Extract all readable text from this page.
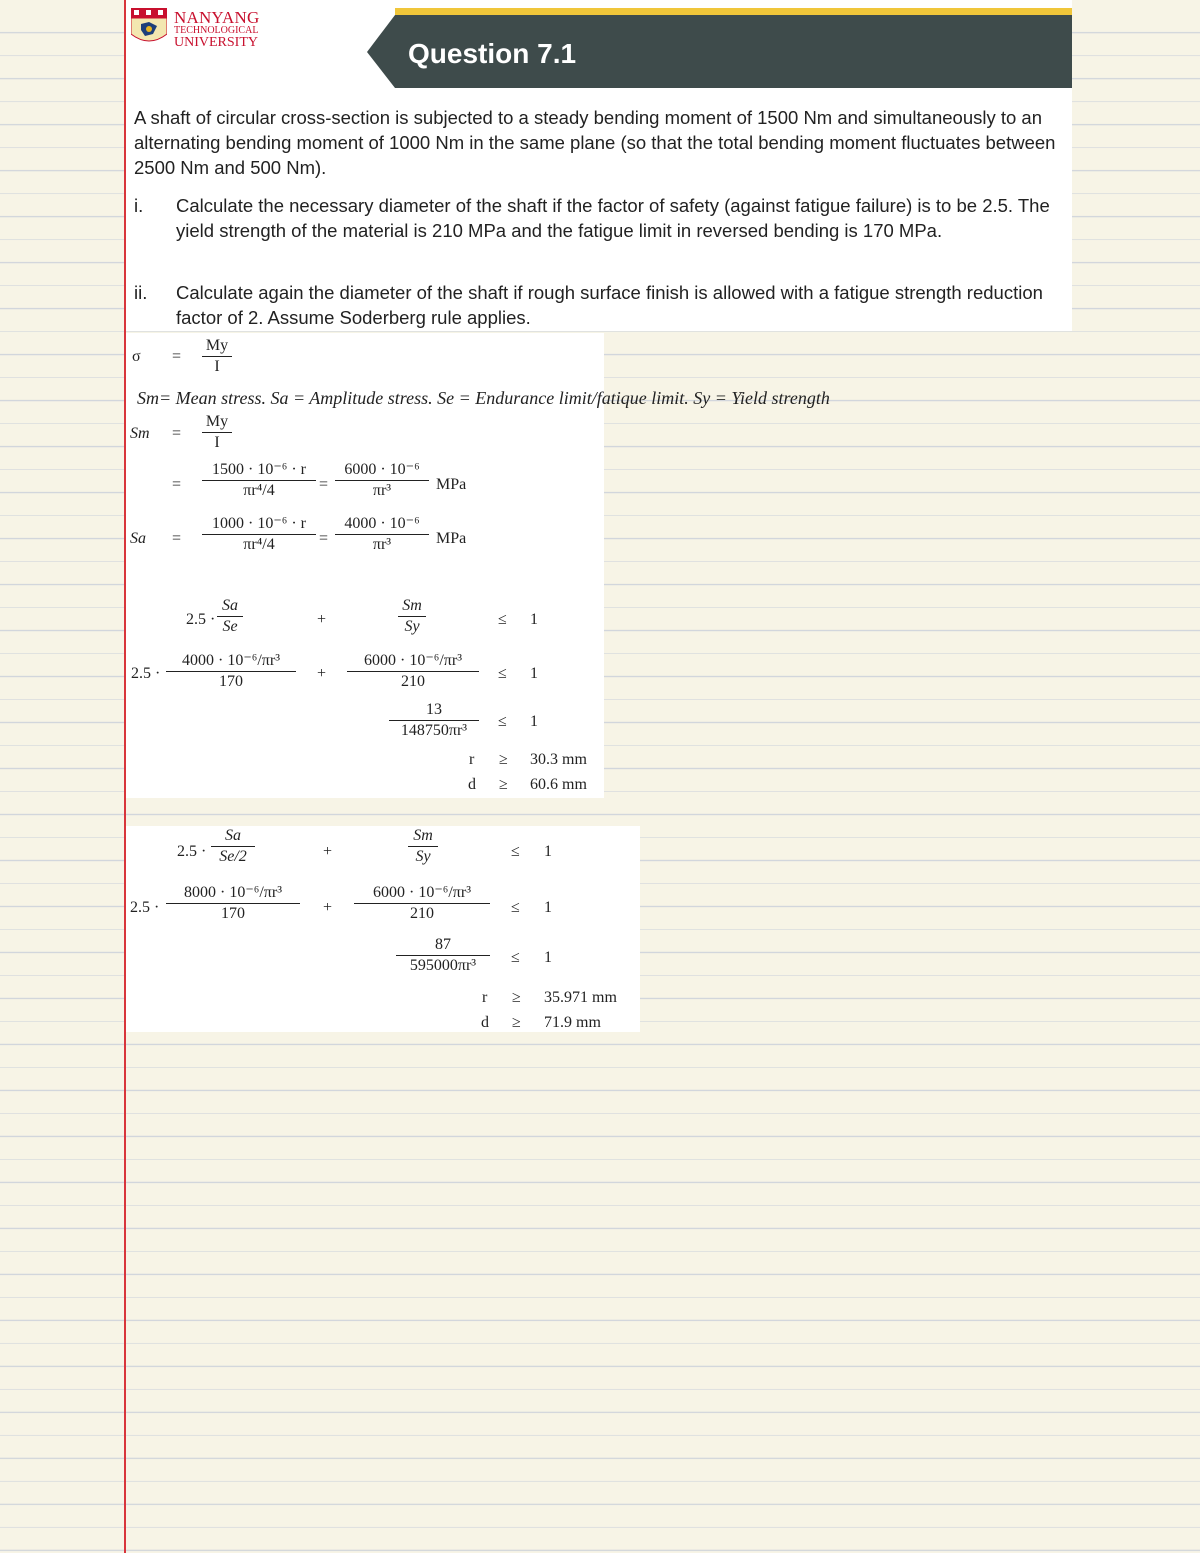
NANYANG
TECHNOLOGICAL
UNIVERSITY	Question 7.1
A shaft of circular cross-section is subjected to a steady bending moment of 1500 Nm and simultaneously to an alternating bending moment of 1000 Nm in the same plane (so that the total bending moment fluctuates between 2500 Nm and 500 Nm).
i. Calculate the necessary diameter of the shaft if the factor of safety (against fatigue failure) is to be 2.5. The yield strength of the material is 210 MPa and the fatigue limit in reversed bending is 170 MPa.
ii. Calculate again the diameter of the shaft if rough surface finish is allowed with a fatigue strength reduction factor of 2. Assume Soderberg rule applies.
$\sigma = \frac{My}{I}$
Sm= Mean stress. Sa = Amplitude stress. Se = Endurance limit/fatique limit. Sy = Yield strength
$Sm = \frac{My}{I}$
= $\frac{\text{1500 · 10⁻⁶ · r}}{\text{πr⁴/4}} = \frac{\text{6000 · 10⁻⁶}}{\text{πr³}}$ MPa
$Sa = \frac{\text{1000 · 10⁻⁶ · r}}{\text{πr⁴/4}} = \frac{\text{4000 · 10⁻⁶}}{\text{πr³}}$ MPa
$2.5 \cdot \frac{Sa}{Se}$	+	$\frac{Sm}{Sy}$	≤ 1
$2.5 \cdot \frac{\text{4000 · 10⁻⁶/πr³}}{170} + \frac{\text{6000 · 10⁻⁶/πr³}}{210} \le 1$
$\frac{13}{\text{148750πr³}} \le 1$
r ≥ 30.3 mm
d ≥ 60.6 mm
$2.5 \cdot \frac{Sa}{Se/2}$	+	$\frac{Sm}{Sy}$	≤ 1
$2.5 \cdot \frac{\text{8000 · 10⁻⁶/πr³}}{170} + \frac{\text{6000 · 10⁻⁶/πr³}}{210} \le 1$
$\frac{87}{\text{595000πr³}} \le 1$
r ≥ 35.971 mm
d ≥ 71.9 mm
